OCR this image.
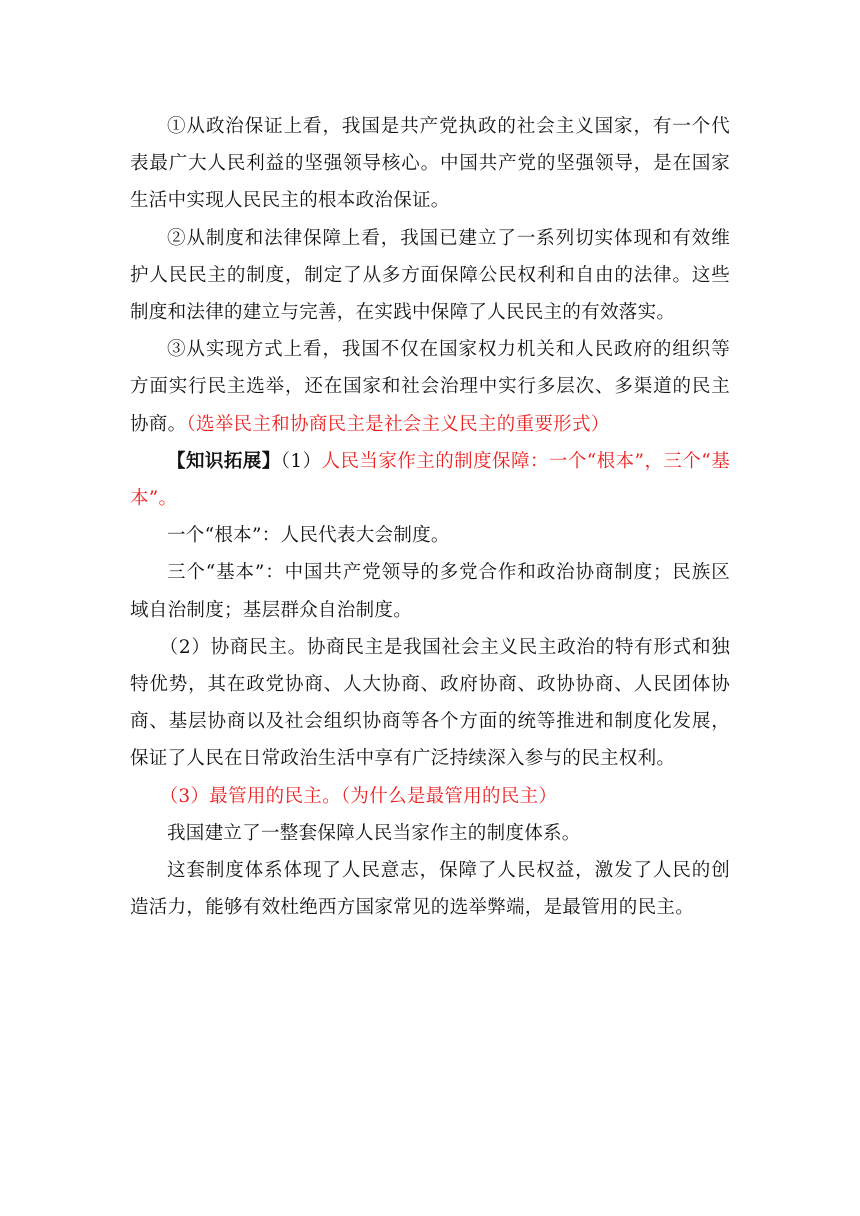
①从政治保证上看，我国是共产党执政的社会主义国家，有一个代表最广大人民利益的坚强领导核心。中国共产党的坚强领导，是在国家生活中实现人民民主的根本政治保证。

②从制度和法律保障上看，我国已建立了一系列切实体现和有效维护人民民主的制度，制定了从多方面保障公民权利和自由的法律。这些制度和法律的建立与完善，在实践中保障了人民民主的有效落实。

③从实现方式上看，我国不仅在国家权力机关和人民政府的组织等方面实行民主选举，还在国家和社会治理中实行多层次、多渠道的民主协商。（选举民主和协商民主是社会主义民主的重要形式）

【知识拓展】（1）人民当家作主的制度保障：一个“根本”，三个“基本”。

一个“根本”：人民代表大会制度。

三个“基本”：中国共产党领导的多党合作和政治协商制度；民族区域自治制度；基层群众自治制度。

（2）协商民主。协商民主是我国社会主义民主政治的特有形式和独特优势，其在政党协商、人大协商、政府协商、政协协商、人民团体协商、基层协商以及社会组织协商等各个方面的统等推进和制度化发展，保证了人民在日常政治生活中享有广泛持续深入参与的民主权利。

（3）最管用的民主。（为什么是最管用的民主）

我国建立了一整套保障人民当家作主的制度体系。

这套制度体系体现了人民意志，保障了人民权益，激发了人民的创造活力，能够有效杜绝西方国家常见的选举弊端，是最管用的民主。
